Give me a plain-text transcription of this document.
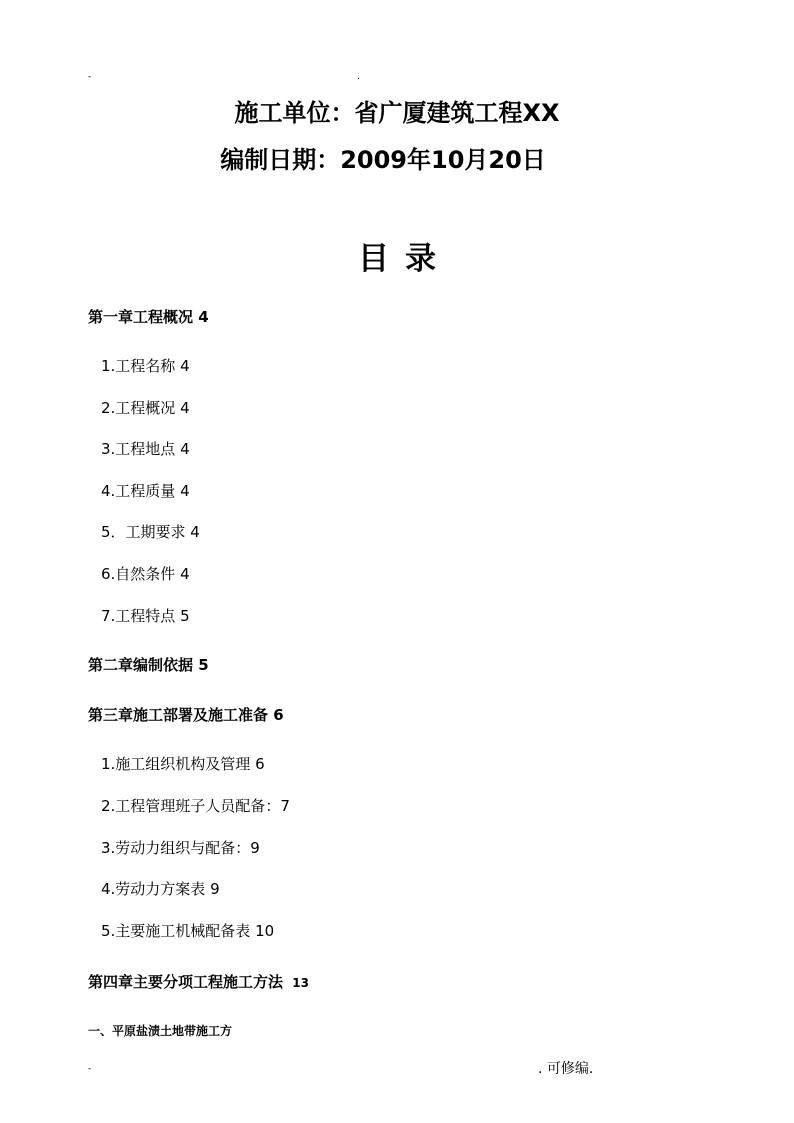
-	.
施工单位：省广厦建筑工程XX
编制日期：2009年10月20日
目录
第一章工程概况 4
1.工程名称 4
2.工程概况 4
3.工程地点 4
4.工程质量 4
5．工期要求 4
6.自然条件 4
7.工程特点 5
第二章编制依据 5
第三章施工部署及施工准备 6
1.施工组织机构及管理 6
2.工程管理班子人员配备：7
3.劳动力组织与配备：9
4.劳动力方案表 9
5.主要施工机械配备表 10
第四章主要分项工程施工方法 13
一、平原盐渍土地带施工方
-	. 可修编.
